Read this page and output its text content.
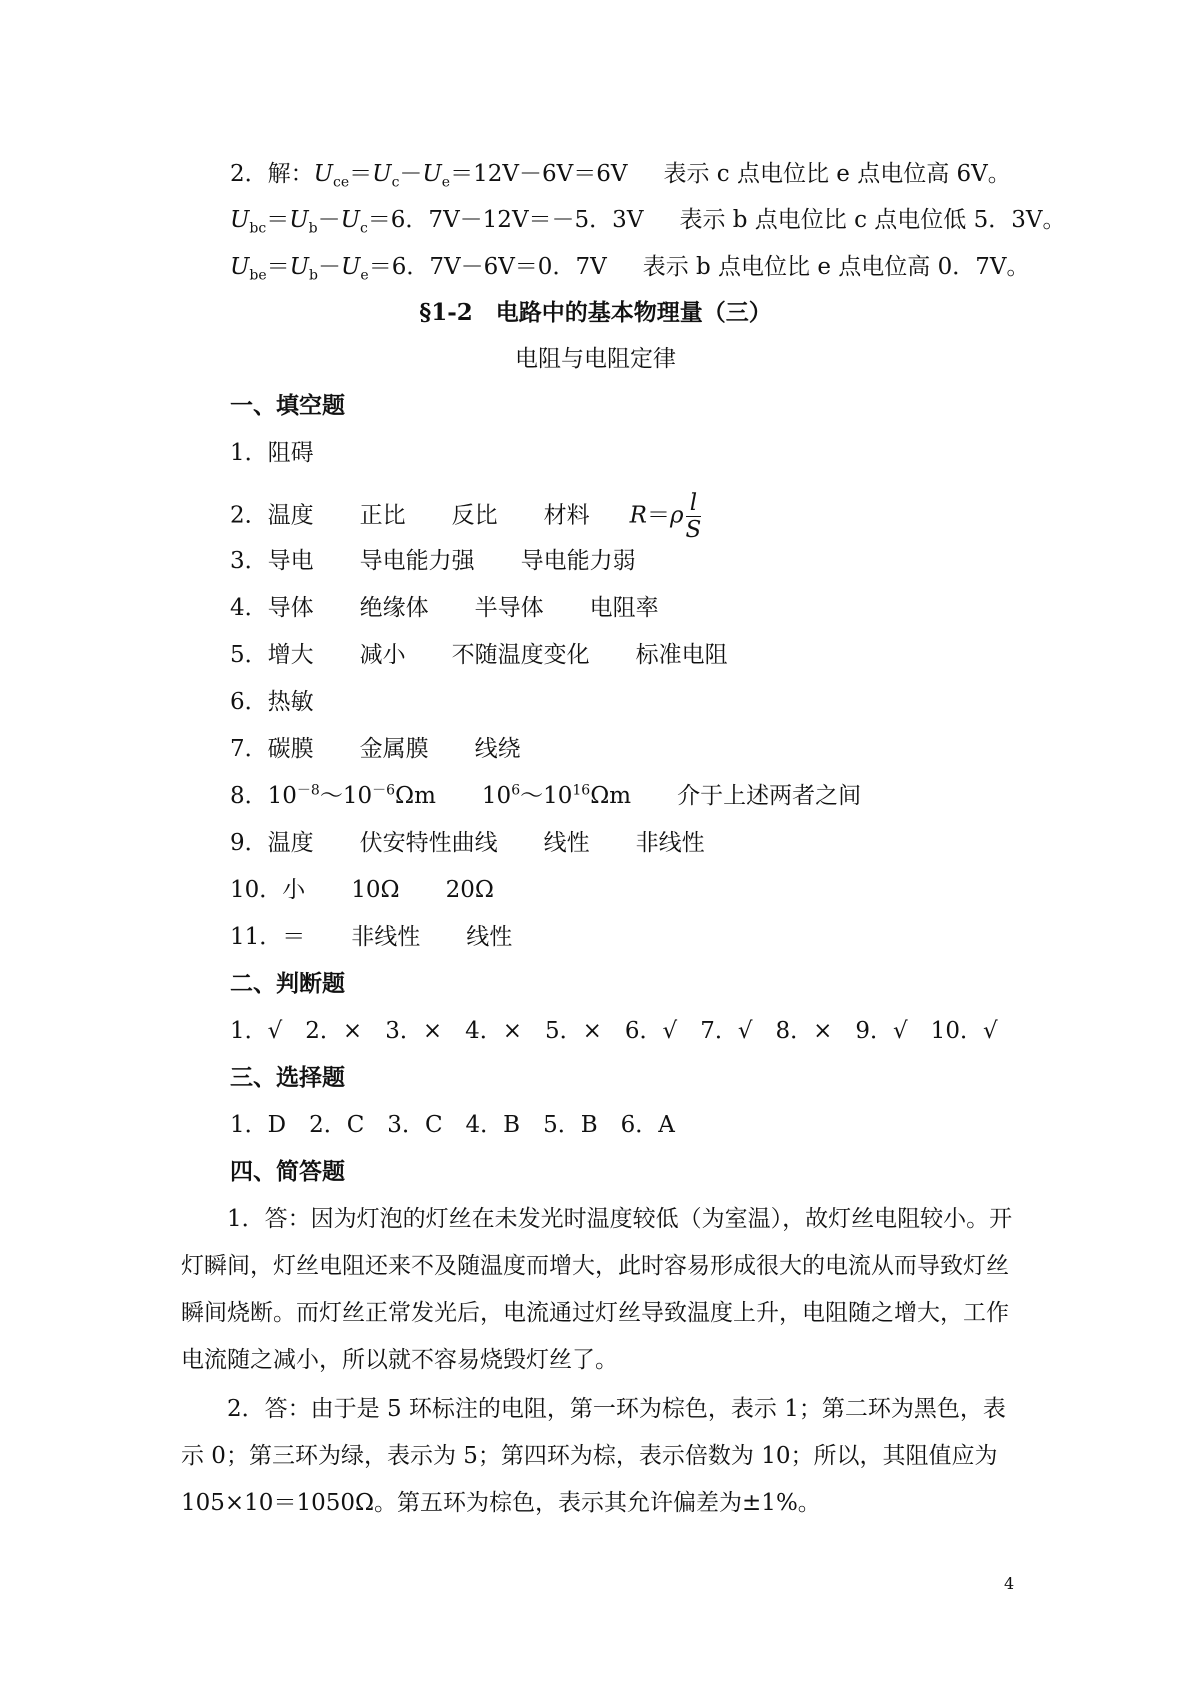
2．解：$U_{ce}=U_c-U_e=12V-6V=6V$ 表示 c 点电位比 e 点电位高 6V。
$U_{bc}=U_b-U_c=6$．7V－12V＝－5．3V 表示 b 点电位比 c 点电位低 5．3V。
$U_{be}=U_b-U_e=6$．7V－6V＝0．7V 表示 b 点电位比 e 点电位高 0．7V。
§1-2　电路中的基本物理量（三）
电阻与电阻定律
一、填空题
1．阻碍
2．温度　　正比　　反比　　材料 $R=\rho \frac{l}{S}$
3．导电　　导电能力强　　导电能力弱
4．导体　　绝缘体　　半导体　　电阻率
5．增大　　减小　　不随温度变化　　标准电阻
6．热敏
7．碳膜　　金属膜　　线绕
8．$10^{-8}\sim 10^{-6}\Omega m$　　$10^6\sim 10^{16}\Omega m$　　介于上述两者之间
9．温度　　伏安特性曲线　　线性　　非线性
10．小　　10Ω　　20Ω
11．＝　　非线性　　线性
二、判断题
1．√　2．×　3．×　4．×　5．×　6．√　7．√　8．×　9．√　10．√
三、选择题
1．D　2．C　3．C　4．B　5．B　6．A
四、简答题
1．答：因为灯泡的灯丝在未发光时温度较低（为室温），故灯丝电阻较小。开灯瞬间，灯丝电阻还来不及随温度而增大，此时容易形成很大的电流从而导致灯丝瞬间烧断。而灯丝正常发光后，电流通过灯丝导致温度上升，电阻随之增大，工作电流随之减小，所以就不容易烧毁灯丝了。
2．答：由于是 5 环标注的电阻，第一环为棕色，表示 1；第二环为黑色，表示 0；第三环为绿，表示为 5；第四环为棕，表示倍数为 10；所以，其阻值应为 105×10＝1050Ω。第五环为棕色，表示其允许偏差为±1%。
4
